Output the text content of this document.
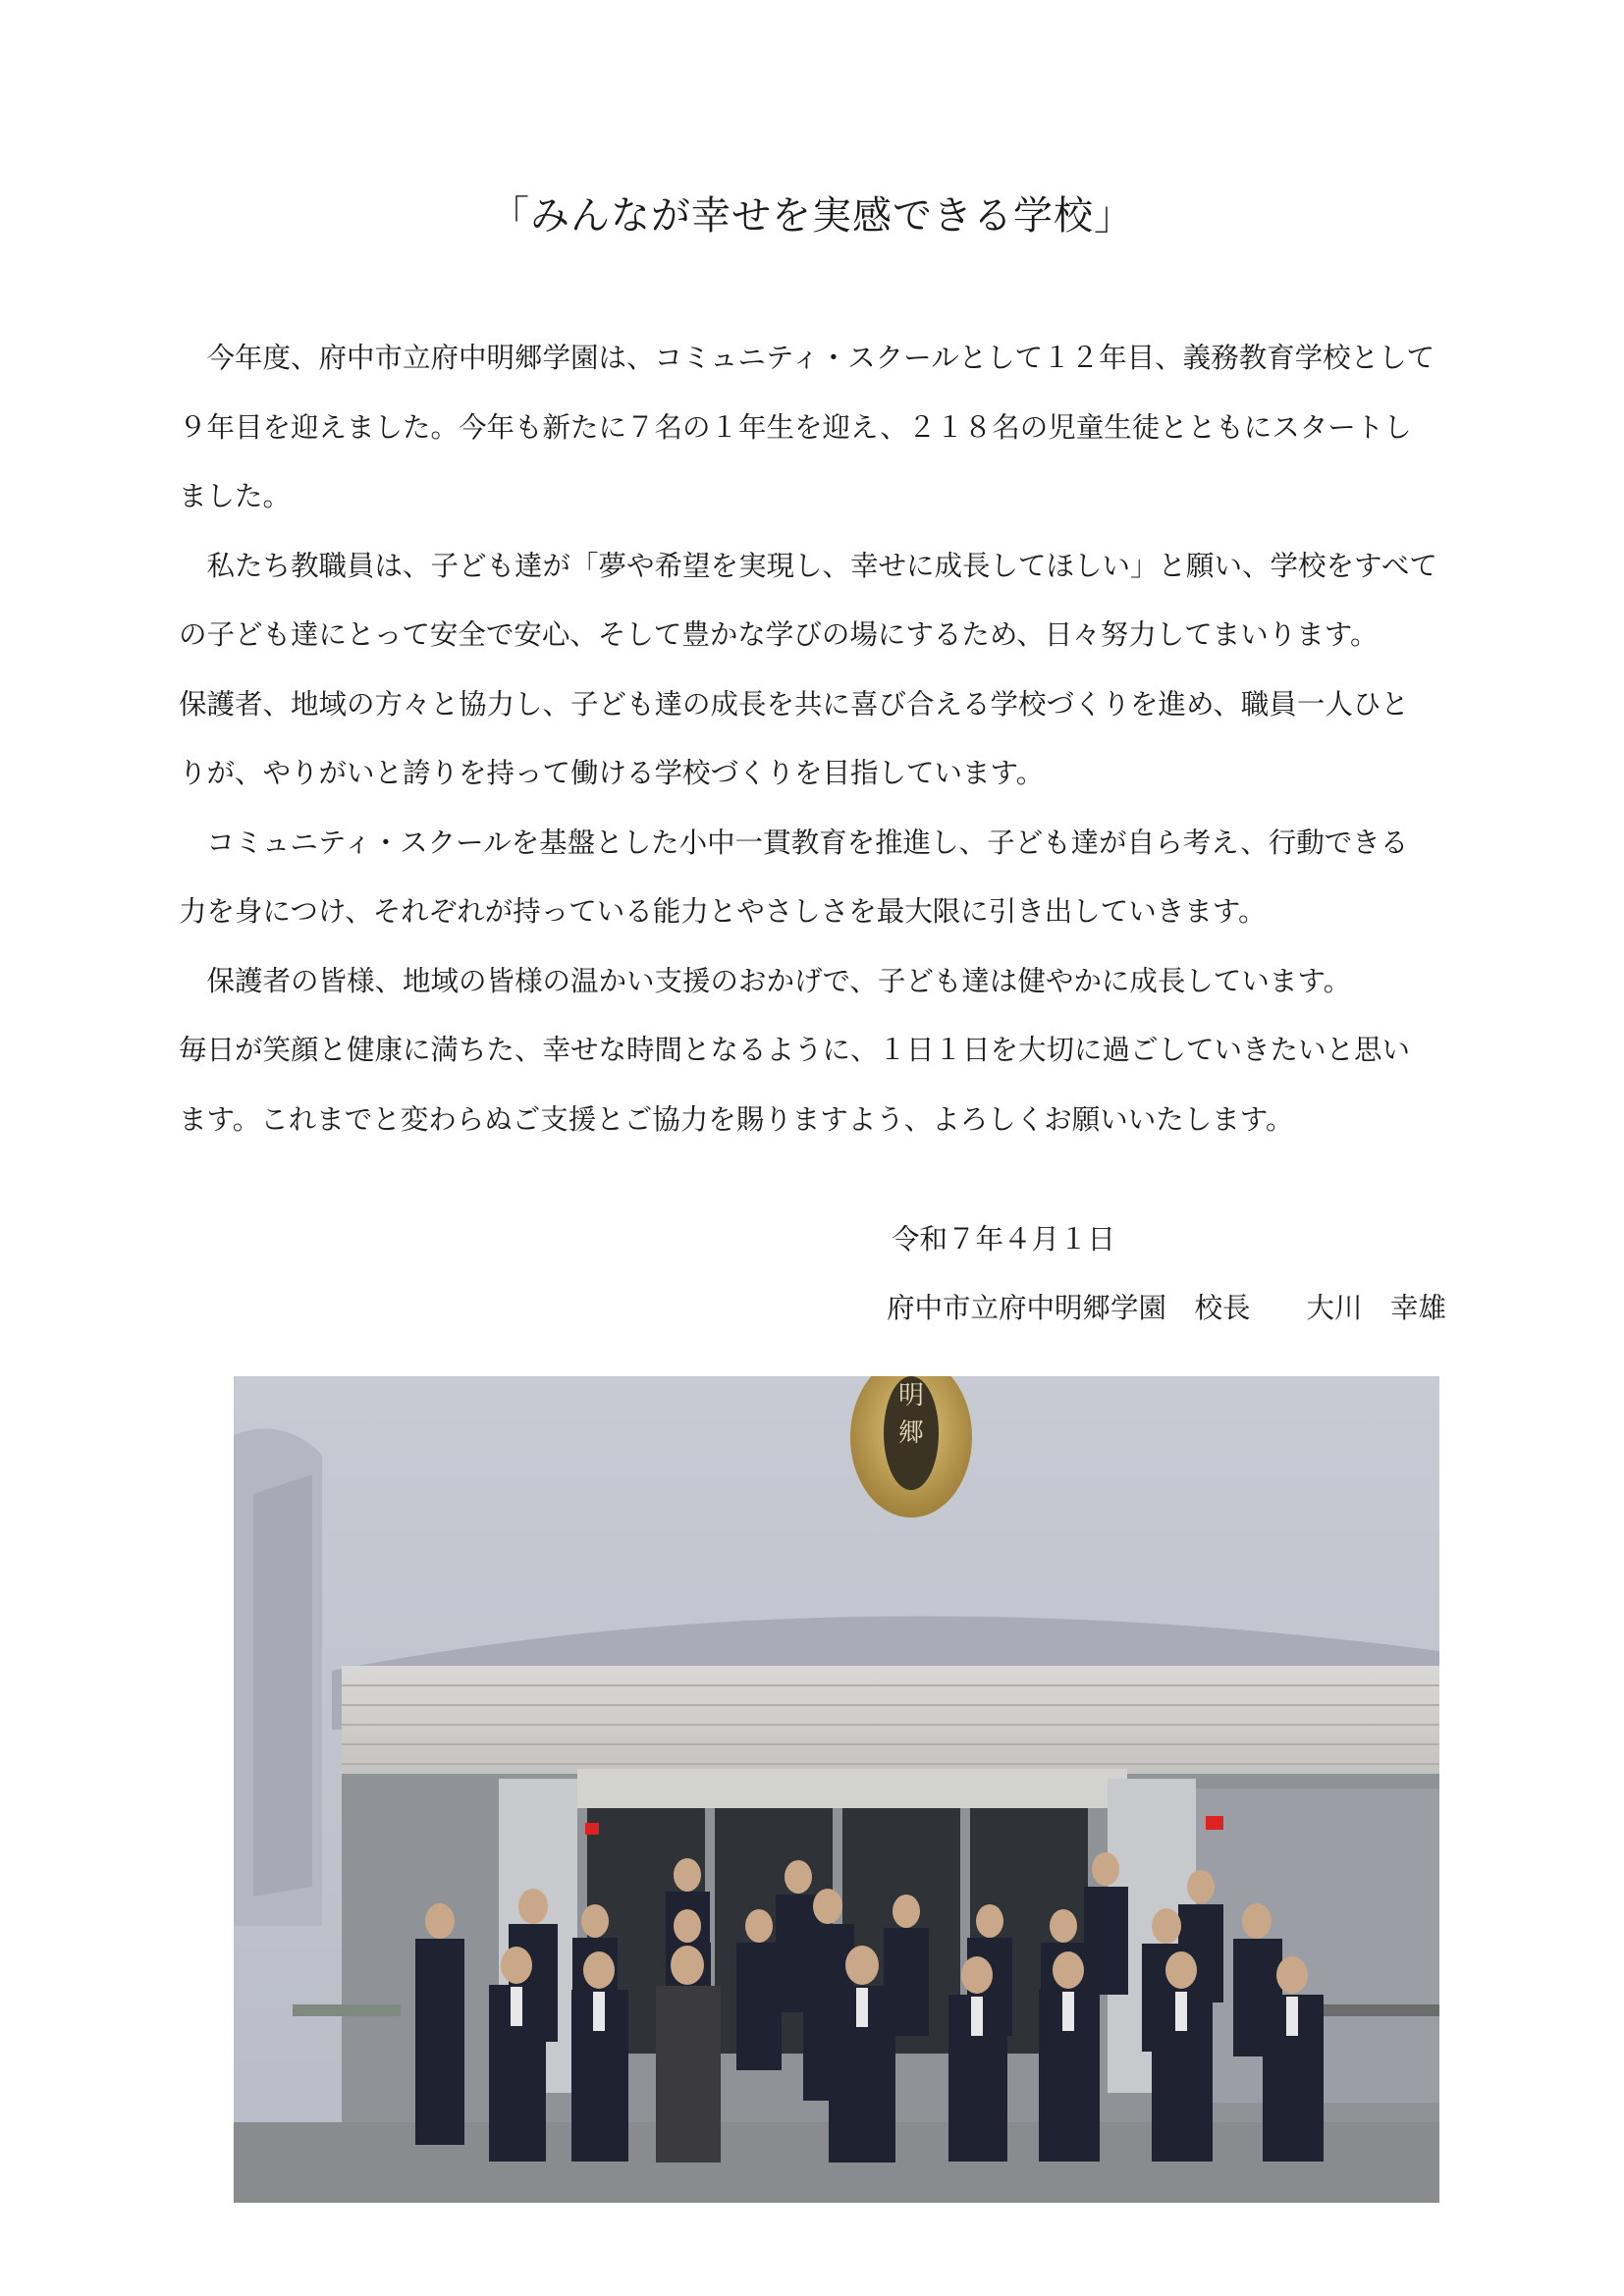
「みんなが幸せを実感できる学校」

　今年度、府中市立府中明郷学園は、コミュニティ・スクールとして１２年目、義務教育学校として

９年目を迎えました。今年も新たに７名の１年生を迎え、２１８名の児童生徒とともにスタートし

ました。

　私たち教職員は、子ども達が「夢や希望を実現し、幸せに成長してほしい」と願い、学校をすべて

の子ども達にとって安全で安心、そして豊かな学びの場にするため、日々努力してまいります。

保護者、地域の方々と協力し、子ども達の成長を共に喜び合える学校づくりを進め、職員一人ひと

りが、やりがいと誇りを持って働ける学校づくりを目指しています。

　コミュニティ・スクールを基盤とした小中一貫教育を推進し、子ども達が自ら考え、行動できる

力を身につけ、それぞれが持っている能力とやさしさを最大限に引き出していきます。

　保護者の皆様、地域の皆様の温かい支援のおかげで、子ども達は健やかに成長しています。

毎日が笑顔と健康に満ちた、幸せな時間となるように、１日１日を大切に過ごしていきたいと思い

ます。これまでと変わらぬご支援とご協力を賜りますよう、よろしくお願いいたします。

令和７年４月１日
府中市立府中明郷学園　校長　　大川　幸雄
明
郷
